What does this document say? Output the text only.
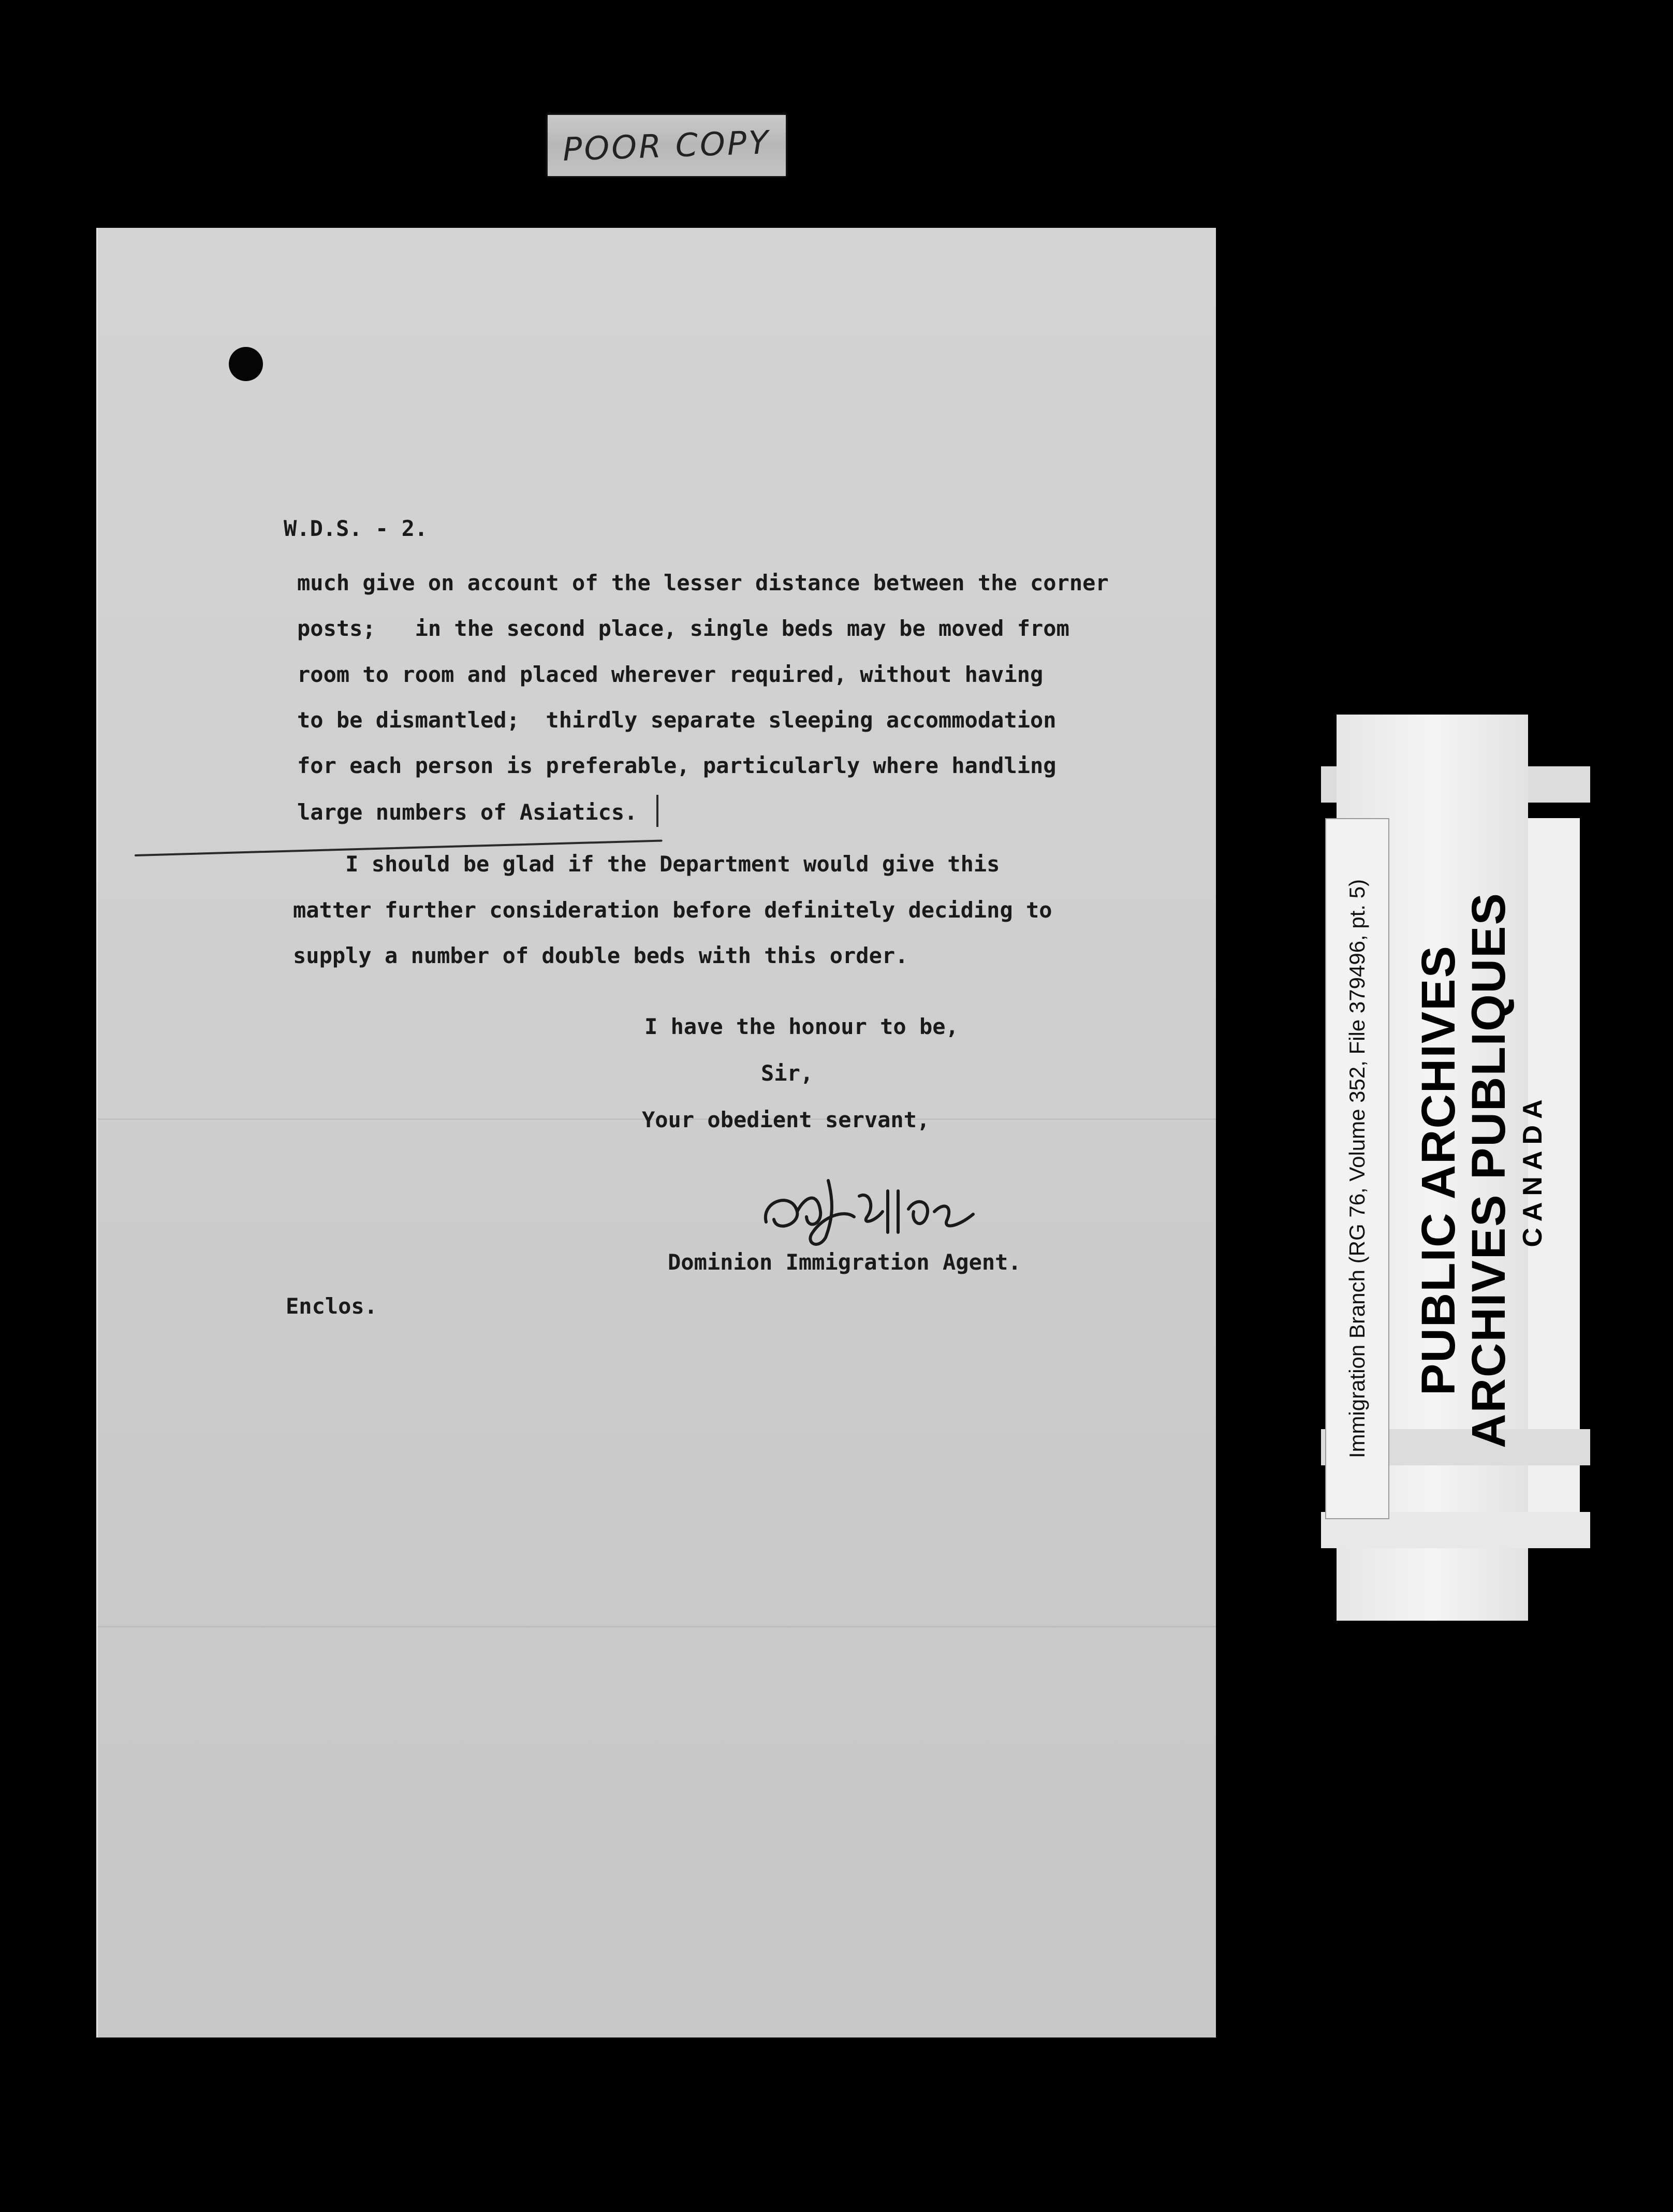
POOR COPY
W.D.S. - 2.
much give on account of the lesser distance between the corner
posts;   in the second place, single beds may be moved from
room to room and placed wherever required, without having
to be dismantled;  thirdly separate sleeping accommodation
for each person is preferable, particularly where handling
large numbers of Asiatics.
I should be glad if the Department would give this
matter further consideration before definitely deciding to
supply a number of double beds with this order.
I have the honour to be,
Sir,
Your obedient servant,
Dominion Immigration Agent.
Enclos.	Immigration Branch (RG 76, Volume 352, File 379496, pt. 5) PUBLIC ARCHIVES
ARCHIVES PUBLIQUES CANADA
